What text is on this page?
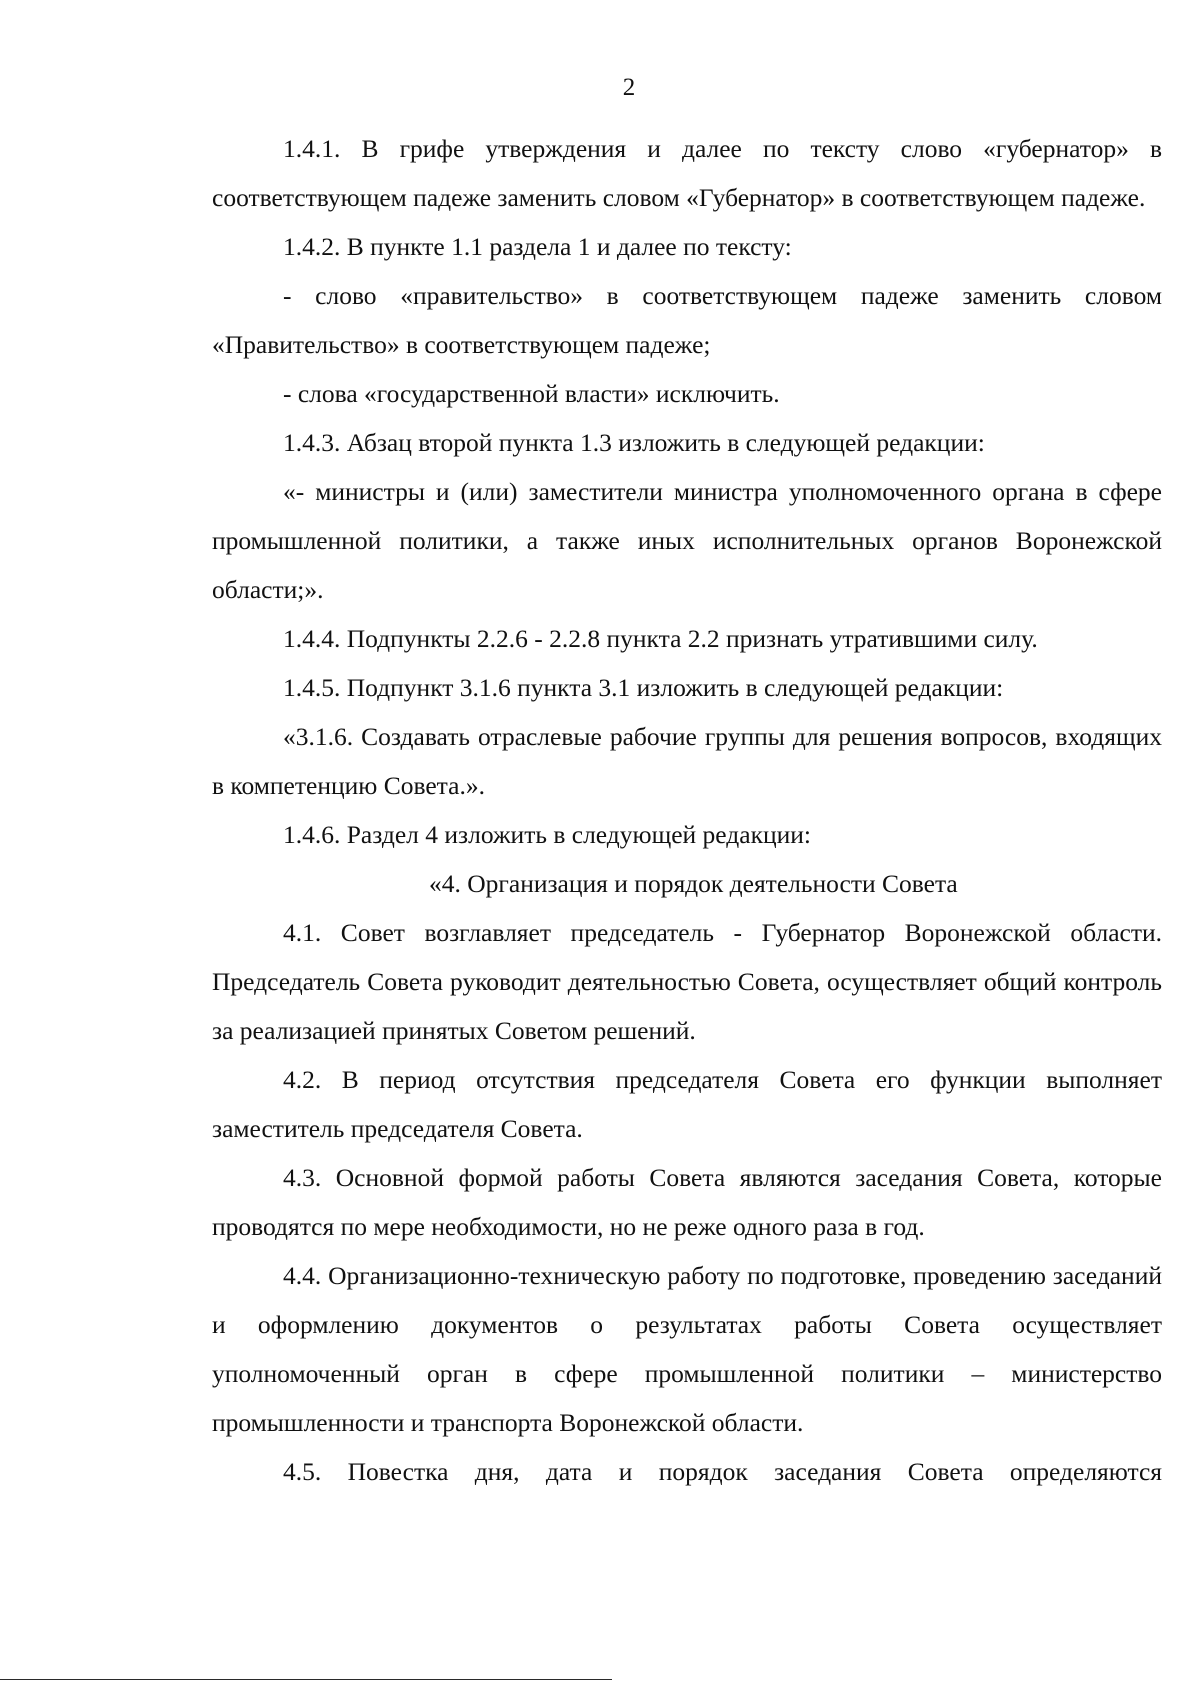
2

1.4.1. В грифе утверждения и далее по тексту слово «губернатор» в соответствующем падеже заменить словом «Губернатор» в соответствующем падеже.

1.4.2. В пункте 1.1 раздела 1 и далее по тексту:

- слово «правительство» в соответствующем падеже заменить словом «Правительство» в соответствующем падеже;

- слова «государственной власти» исключить.

1.4.3. Абзац второй пункта 1.3 изложить в следующей редакции:

«- министры и (или) заместители министра уполномоченного органа в сфере промышленной политики, а также иных исполнительных органов Воронежской области;».

1.4.4. Подпункты 2.2.6 - 2.2.8 пункта 2.2 признать утратившими силу.

1.4.5. Подпункт 3.1.6 пункта 3.1 изложить в следующей редакции:

«3.1.6. Создавать отраслевые рабочие группы для решения вопросов, входящих в компетенцию Совета.».

1.4.6. Раздел 4 изложить в следующей редакции:

«4. Организация и порядок деятельности Совета

4.1. Совет возглавляет председатель - Губернатор Воронежской области. Председатель Совета руководит деятельностью Совета, осуществляет общий контроль за реализацией принятых Советом решений.

4.2. В период отсутствия председателя Совета его функции выполняет заместитель председателя Совета.

4.3. Основной формой работы Совета являются заседания Совета, которые проводятся по мере необходимости, но не реже одного раза в год.

4.4. Организационно-техническую работу по подготовке, проведению заседаний и оформлению документов о результатах работы Совета осуществляет уполномоченный орган в сфере промышленной политики – министерство промышленности и транспорта Воронежской области.

4.5. Повестка дня, дата и порядок заседания Совета определяются
